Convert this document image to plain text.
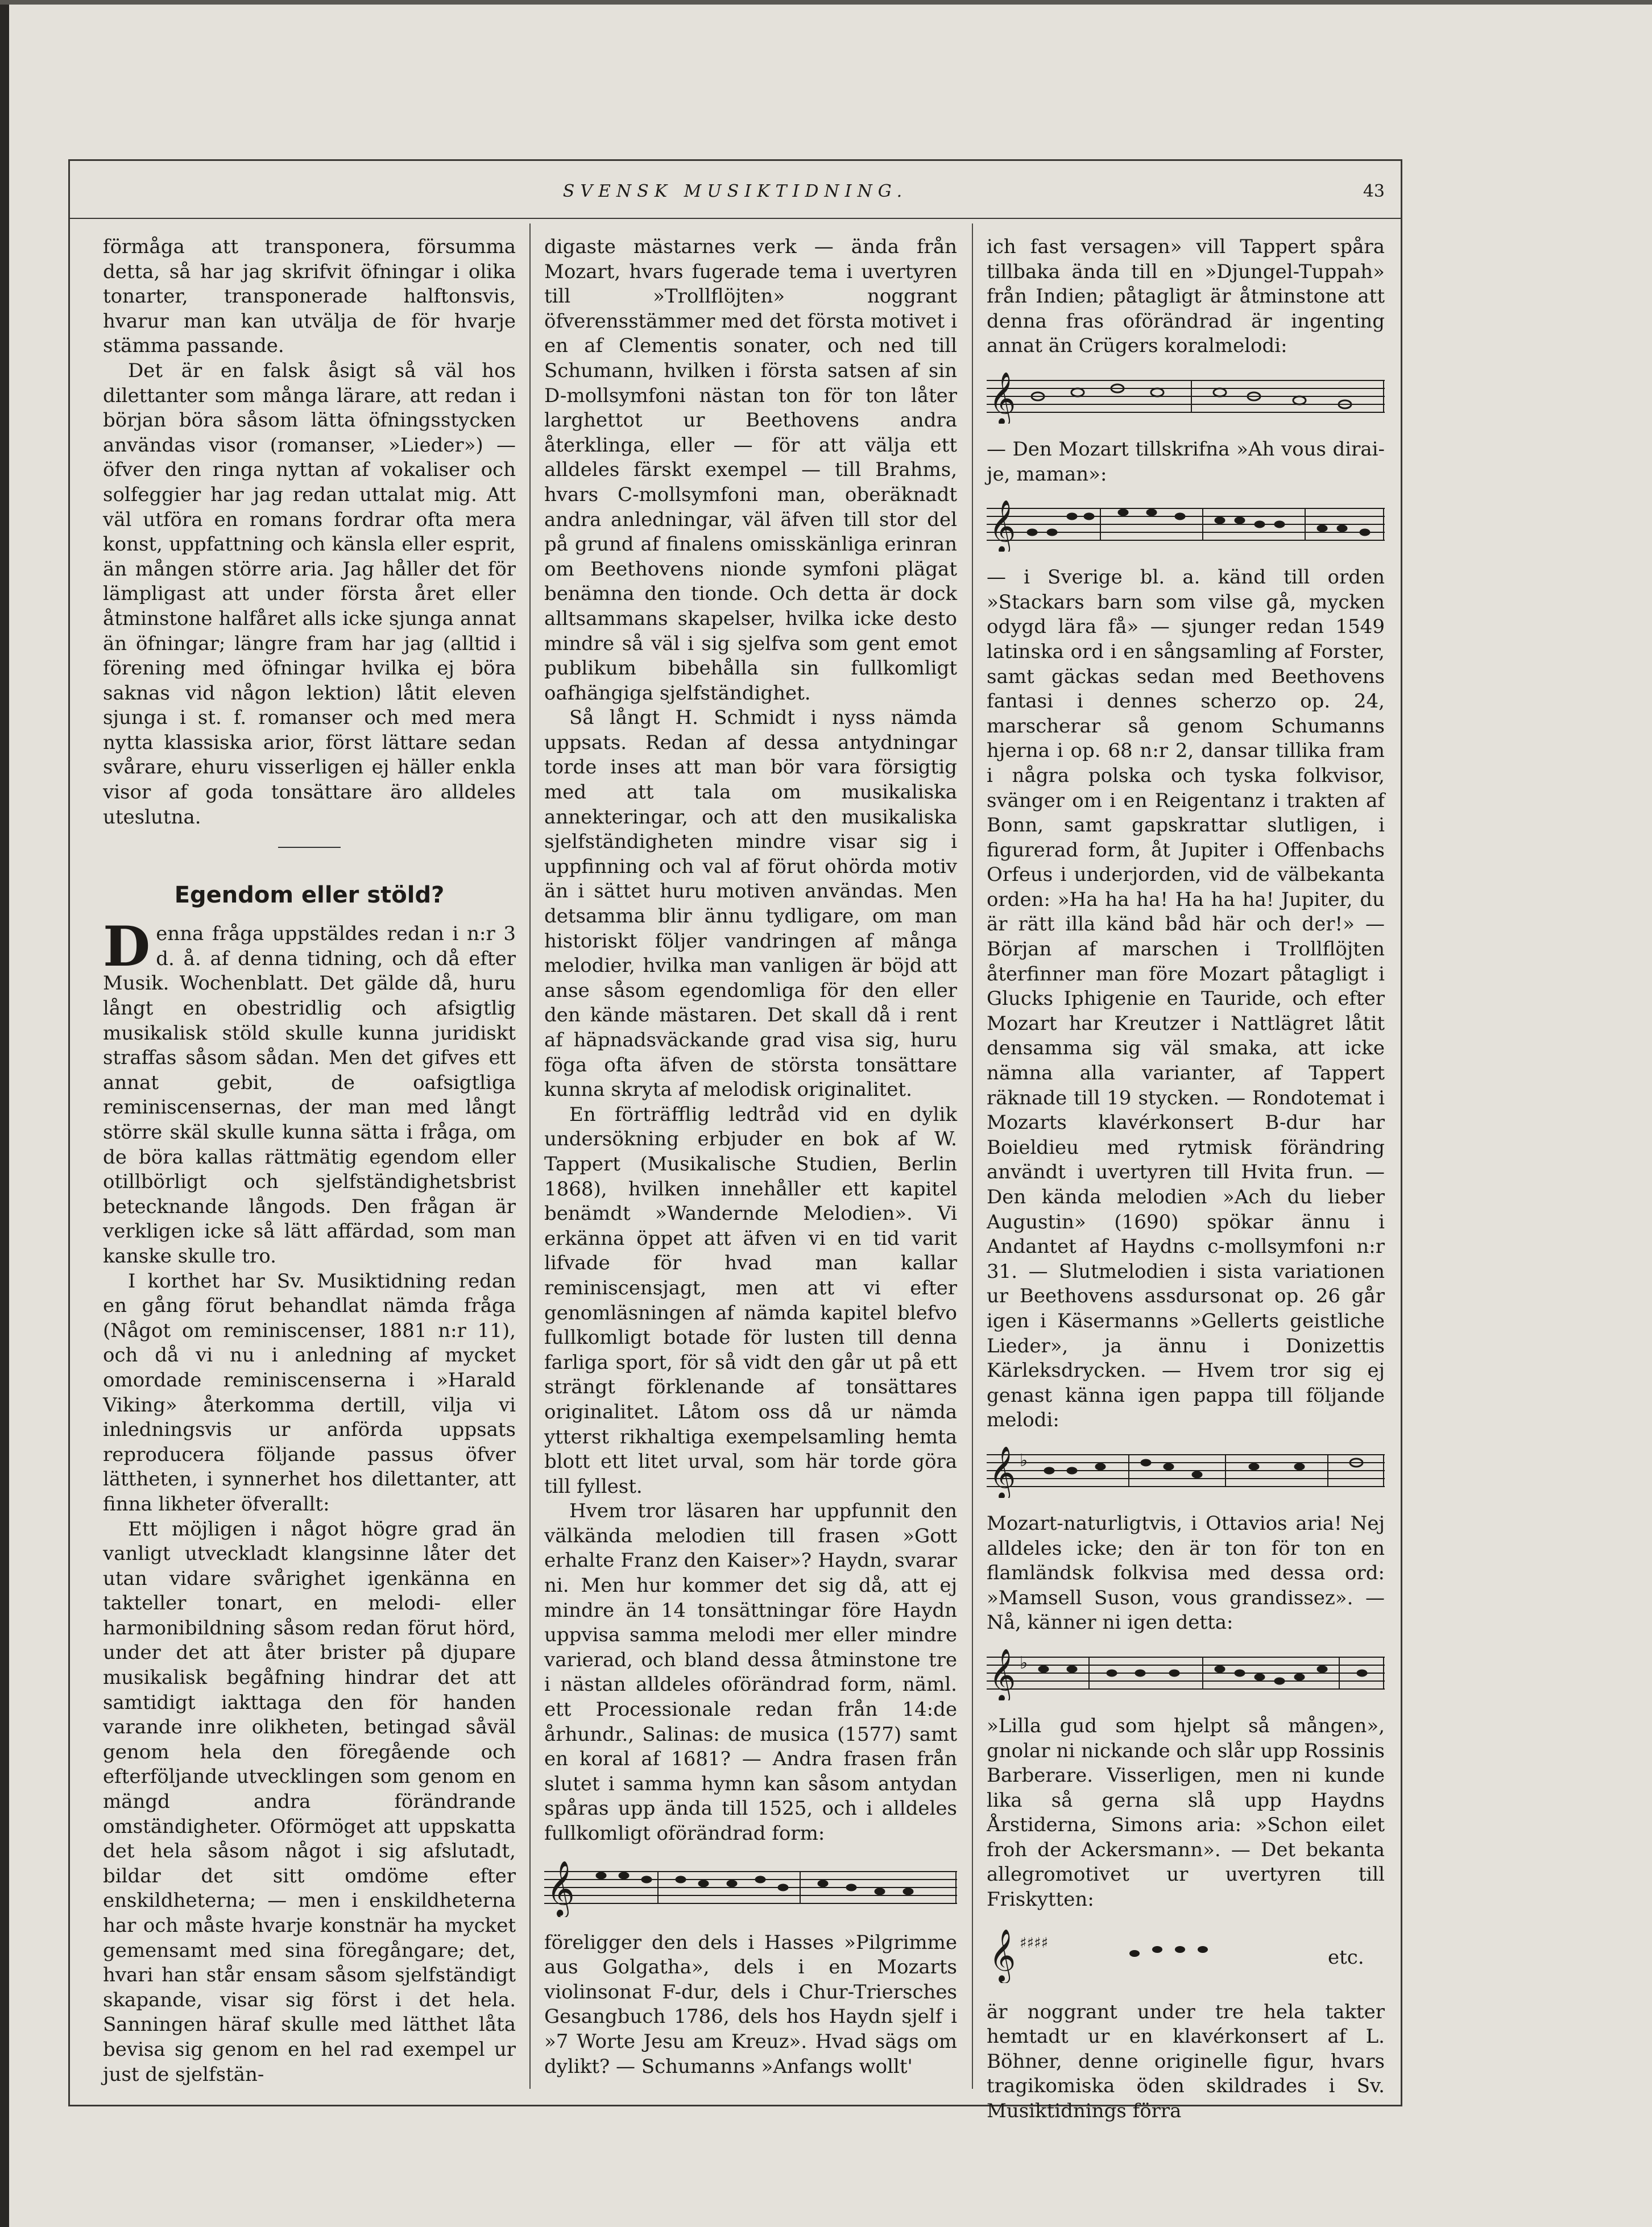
SVENSK MUSIKTIDNING.	43

förmåga att transponera, försumma detta, så har jag skrifvit öfningar i olika tonarter, transponerade halftonsvis, hvarur man kan utvälja de för hvarje stämma passande.

Det är en falsk åsigt så väl hos dilettanter som många lärare, att redan i början böra såsom lätta öfningsstycken användas visor (romanser, »Lieder») — öfver den ringa nyttan af vokaliser och solfeggier har jag redan uttalat mig. Att väl utföra en romans fordrar ofta mera konst, uppfattning och känsla eller esprit, än mången större aria. Jag håller det för lämpligast att under första året eller åtminstone halfåret alls icke sjunga annat än öfningar; längre fram har jag (alltid i förening med öfningar hvilka ej böra saknas vid någon lektion) låtit eleven sjunga i st. f. romanser och med mera nytta klassiska arior, först lättare sedan svårare, ehuru visserligen ej häller enkla visor af goda tonsättare äro alldeles uteslutna.

Egendom eller stöld?

Denna fråga uppstäldes redan i n:r 3 d. å. af denna tidning, och då efter Musik. Wochenblatt. Det gälde då, huru långt en obestridlig och afsigtlig musikalisk stöld skulle kunna juridiskt straffas såsom sådan. Men det gifves ett annat gebit, de oafsigtliga reminiscensernas, der man med långt större skäl skulle kunna sätta i fråga, om de böra kallas rättmätig egendom eller otillbörligt och sjelfständighetsbrist betecknande långods. Den frågan är verkligen icke så lätt affärdad, som man kanske skulle tro.

I korthet har Sv. Musiktidning redan en gång förut behandlat nämda fråga (Något om reminiscenser, 1881 n:r 11), och då vi nu i anledning af mycket omordade reminiscenserna i »Harald Viking» återkomma dertill, vilja vi inledningsvis ur anförda uppsats reproducera följande passus öfver lättheten, i synnerhet hos dilettanter, att finna likheter öfverallt:

Ett möjligen i något högre grad än vanligt utveckladt klangsinne låter det utan vidare svårighet igenkänna en takteller tonart, en melodi- eller harmonibildning såsom redan förut hörd, under det att åter brister på djupare musikalisk begåfning hindrar det att samtidigt iakttaga den för handen varande inre olikheten, betingad såväl genom hela den föregående och efterföljande utvecklingen som genom en mängd andra förändrande omständigheter. Oförmöget att uppskatta det hela såsom något i sig afslutadt, bildar det sitt omdöme efter enskildheterna; — men i enskildheterna har och måste hvarje konstnär ha mycket gemensamt med sina föregångare; det, hvari han står ensam såsom sjelfständigt skapande, visar sig först i det hela. Sanningen häraf skulle med lätthet låta bevisa sig genom en hel rad exempel ur just de sjelfstän-

digaste mästarnes verk — ända från Mozart, hvars fugerade tema i uvertyren till »Trollflöjten» noggrant öfverensstämmer med det första motivet i en af Clementis sonater, och ned till Schumann, hvilken i första satsen af sin D-mollsymfoni nästan ton för ton låter larghettot ur Beethovens andra återklinga, eller — för att välja ett alldeles färskt exempel — till Brahms, hvars C-mollsymfoni man, oberäknadt andra anledningar, väl äfven till stor del på grund af finalens omisskänliga erinran om Beethovens nionde symfoni plägat benämna den tionde. Och detta är dock alltsammans skapelser, hvilka icke desto mindre så väl i sig sjelfva som gent emot publikum bibehålla sin fullkomligt oafhängiga sjelfständighet.

Så långt H. Schmidt i nyss nämda uppsats. Redan af dessa antydningar torde inses att man bör vara försigtig med att tala om musikaliska annekteringar, och att den musikaliska sjelfständigheten mindre visar sig i uppfinning och val af förut ohörda motiv än i sättet huru motiven användas. Men detsamma blir ännu tydligare, om man historiskt följer vandringen af många melodier, hvilka man vanligen är böjd att anse såsom egendomliga för den eller den kände mästaren. Det skall då i rent af häpnadsväckande grad visa sig, huru föga ofta äfven de största tonsättare kunna skryta af melodisk originalitet.

En förträfflig ledtråd vid en dylik undersökning erbjuder en bok af W. Tappert (Musikalische Studien, Berlin 1868), hvilken innehåller ett kapitel benämdt »Wandernde Melodien». Vi erkänna öppet att äfven vi en tid varit lifvade för hvad man kallar reminiscensjagt, men att vi efter genomläsningen af nämda kapitel blefvo fullkomligt botade för lusten till denna farliga sport, för så vidt den går ut på ett strängt förklenande af tonsättares originalitet. Låtom oss då ur nämda ytterst rikhaltiga exempelsamling hemta blott ett litet urval, som här torde göra till fyllest.

Hvem tror läsaren har uppfunnit den välkända melodien till frasen »Gott erhalte Franz den Kaiser»? Haydn, svarar ni. Men hur kommer det sig då, att ej mindre än 14 tonsättningar före Haydn uppvisa samma melodi mer eller mindre varierad, och bland dessa åtminstone tre i nästan alldeles oförändrad form, näml. ett Processionale redan från 14:de århundr., Salinas: de musica (1577) samt en koral af 1681? — Andra frasen från slutet i samma hymn kan såsom antydan spåras upp ända till 1525, och i alldeles fullkomligt oförändrad form:

𝄞

föreligger den dels i Hasses »Pilgrimme aus Golgatha», dels i en Mozarts violinsonat F-dur, dels i Chur-Triersches Gesangbuch 1786, dels hos Haydn sjelf i »7 Worte Jesu am Kreuz». Hvad sägs om dylikt? — Schumanns »Anfangs wollt'

ich fast versagen» vill Tappert spåra tillbaka ända till en »Djungel-Tuppah» från Indien; påtagligt är åtminstone att denna fras oförändrad är ingenting annat än Crügers koralmelodi:

𝄞

— Den Mozart tillskrifna »Ah vous dirai-je, maman»:

𝄞

— i Sverige bl. a. känd till orden »Stackars barn som vilse gå, mycken odygd lära få» — sjunger redan 1549 latinska ord i en sångsamling af Forster, samt gäckas sedan med Beethovens fantasi i dennes scherzo op. 24, marscherar så genom Schumanns hjerna i op. 68 n:r 2, dansar tillika fram i några polska och tyska folkvisor, svänger om i en Reigentanz i trakten af Bonn, samt gapskrattar slutligen, i figurerad form, åt Jupiter i Offenbachs Orfeus i underjorden, vid de välbekanta orden: »Ha ha ha! Ha ha ha! Jupiter, du är rätt illa känd båd här och der!» — Början af marschen i Trollflöjten återfinner man före Mozart påtagligt i Glucks Iphigenie en Tauride, och efter Mozart har Kreutzer i Nattlägret låtit densamma sig väl smaka, att icke nämna alla varianter, af Tappert räknade till 19 stycken. — Rondotemat i Mozarts klavérkonsert B-dur har Boieldieu med rytmisk förändring användt i uvertyren till Hvita frun. — Den kända melodien »Ach du lieber Augustin» (1690) spökar ännu i Andantet af Haydns c-mollsymfoni n:r 31. — Slutmelodien i sista variationen ur Beethovens assdursonat op. 26 går igen i Käsermanns »Gellerts geistliche Lieder», ja ännu i Donizettis Kärleksdrycken. — Hvem tror sig ej genast känna igen pappa till följande melodi:

𝄞 ♭

Mozart-naturligtvis, i Ottavios aria! Nej alldeles icke; den är ton för ton en flamländsk folkvisa med dessa ord: »Mamsell Suson, vous grandissez». — Nå, känner ni igen detta:

𝄞 ♭

»Lilla gud som hjelpt så mången», gnolar ni nickande och slår upp Rossinis Barberare. Visserligen, men ni kunde lika så gerna slå upp Haydns Årstiderna, Simons aria: »Schon eilet froh der Ackersmann». — Det bekanta allegromotivet ur uvertyren till Friskytten:

𝄞 ♯♯♯♯
etc.

är noggrant under tre hela takter hemtadt ur en klavérkonsert af L. Böhner, denne originelle figur, hvars tragikomiska öden skildrades i Sv. Musiktidnings förra
